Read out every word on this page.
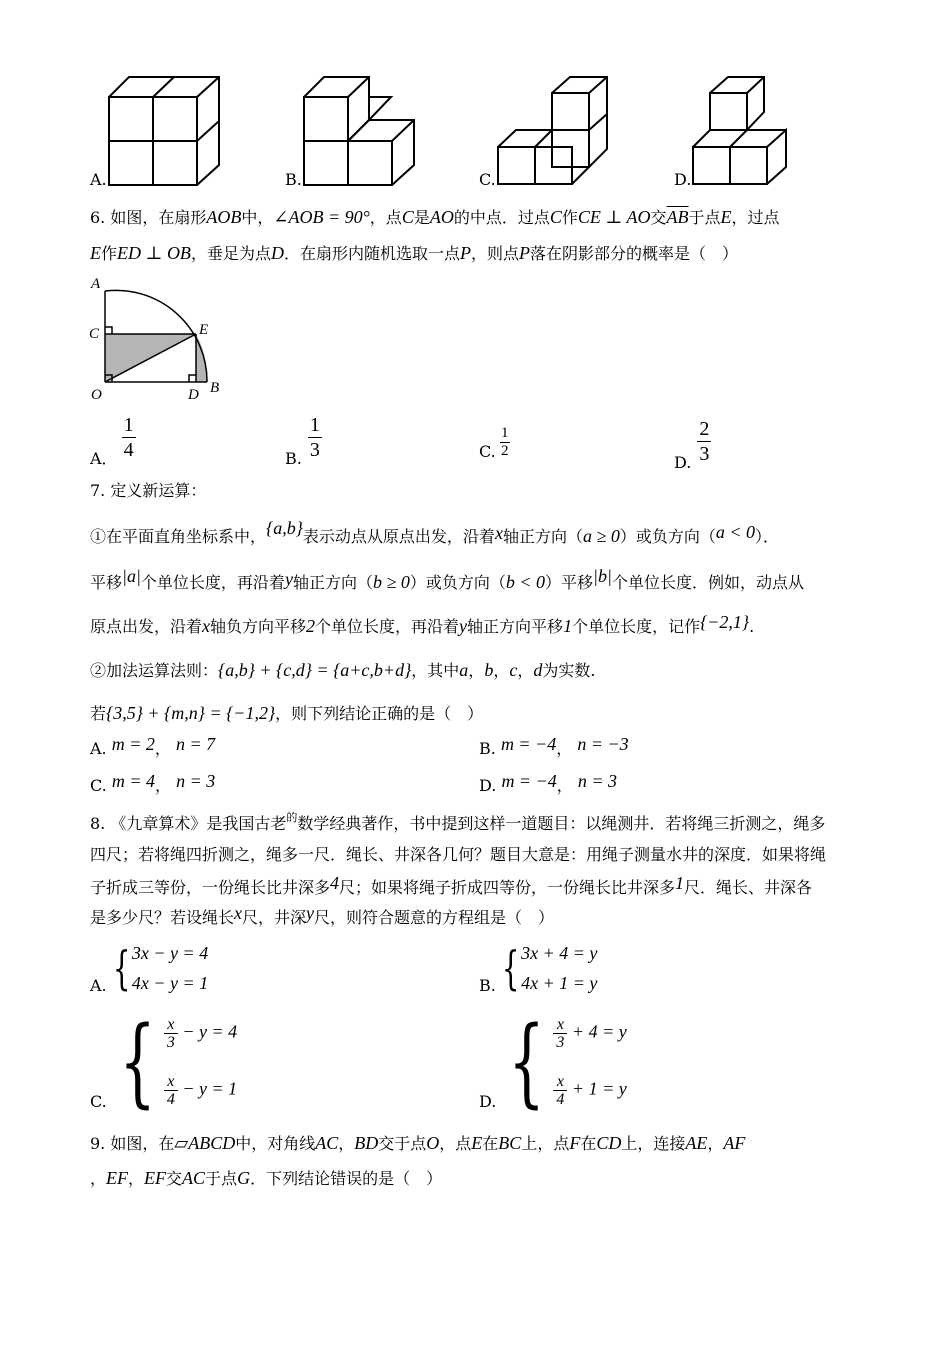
A.	B.	C.	D.
6. 如图，在扇形AOB中，∠AOB = 90°，点C是AO的中点．过点C作CE ⊥ AO交$\overline{AB}$于点E，过点
E作ED ⊥ OB，垂足为点D．在扇形内随机选取一点P，则点P落在阴影部分的概率是（　）
A
C	E
O	D B
A． $\frac{1}{4}$	B. $\frac{1}{3}$	C. $\frac{1}{2}$
D. $\frac{2}{3}$
7. 定义新运算：
①在平面直角坐标系中，{a,b}表示动点从原点出发，沿着x轴正方向（a ≥ 0）或负方向（a < 0）．
平移|a|个单位长度，再沿着y轴正方向（b ≥ 0）或负方向（b < 0）平移|b|个单位长度．例如，动点从
原点出发，沿着x轴负方向平移2个单位长度，再沿着y轴正方向平移1个单位长度，记作{−2,1}.
②加法运算法则：{a,b} + {c,d} = {a+c,b+d}，其中a，b，c，d为实数.
若{3,5} + {m,n} = {−1,2}，则下列结论正确的是（　）
A. m = 2， n = 7	B. m = −4， n = −3
C. m = 4， n = 3	D. m = −4， n = 3
8. 《九章算术》是我国古老$^的$数学经典著作，书中提到这样一道题目：以绳测井．若将绳三折测之，绳多
四尺；若将绳四折测之，绳多一尺．绳长、井深各几何？题目大意是：用绳子测量水井的深度．如果将绳
子折成三等份，一份绳长比井深多4尺；如果将绳子折成四等份，一份绳长比井深多1尺．绳长、井深各
是多少尺？若设绳长x尺，井深y尺，则符合题意的方程组是（　）
A. { 3x − y = 4
4x − y = 1	B. { 3x + 4 = y
4x + 1 = y
C. { $\frac{x}{3} - y = 4$
$\frac{x}{4} - y = 1$
D. { $\frac{x}{3} + 4 = y$
$\frac{x}{4} + 1 = y$
9. 如图，在▱ABCD中，对角线AC，BD交于点O，点E在BC上，点F在CD上，连接AE，AF
，EF，EF交AC于点G．下列结论错误的是（　）
